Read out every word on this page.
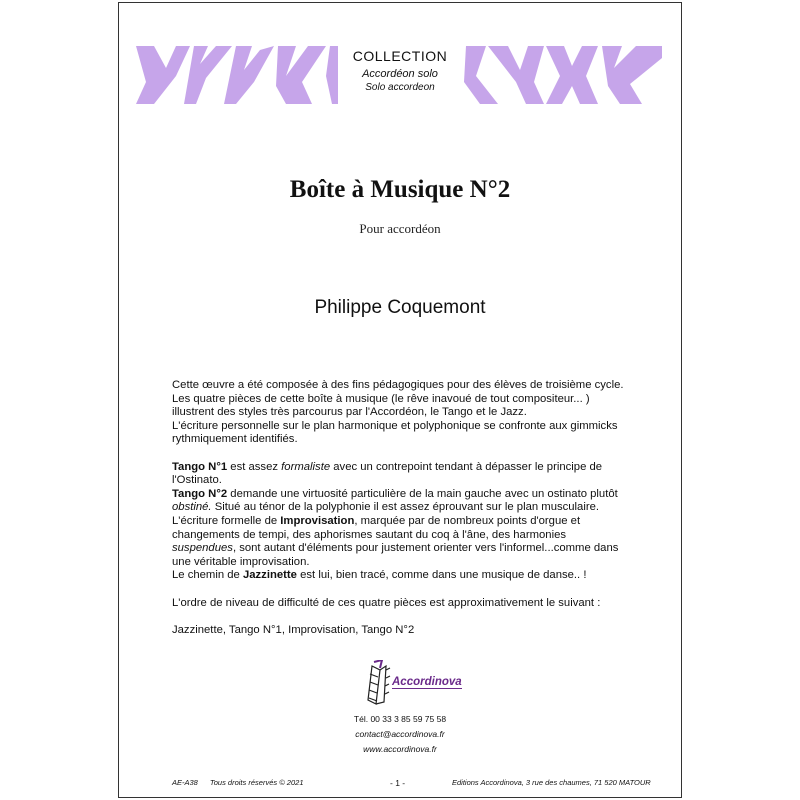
COLLECTION
Accordéon solo
Solo accordeon
Boîte à Musique N°2
Pour accordéon
Philippe Coquemont

Cette œuvre a été composée à des fins pédagogiques pour des élèves de troisième cycle.

Les quatre pièces de cette boîte à musique (le rêve inavoué de tout compositeur... )

illustrent des styles très parcourus par l'Accordéon, le Tango et le Jazz.

L'écriture personnelle sur le plan harmonique et polyphonique se confronte aux gimmicks

rythmiquement identifiés.

Tango N°1 est assez formaliste avec un contrepoint tendant à dépasser le principe de

l'Ostinato.

Tango N°2 demande une virtuosité particulière de la main gauche avec un ostinato plutôt

obstiné. Situé au ténor de la polyphonie il est assez éprouvant sur le plan musculaire.

L'écriture formelle de Improvisation, marquée par de nombreux points d'orgue et

changements de tempi, des aphorismes sautant du coq à l'âne, des harmonies

suspendues, sont autant d'éléments pour justement orienter vers l'informel...comme dans

une véritable improvisation.

Le chemin de Jazzinette est lui, bien tracé, comme dans une musique de danse.. !

L'ordre de niveau de difficulté de ces quatre pièces est approximativement le suivant :

Jazzinette, Tango N°1, Improvisation, Tango N°2

Accordinova
Tél. 00 33 3 85 59 75 58
contact@accordinova.fr
www.accordinova.fr
AE-A38 Tous droits réservés © 2021	- 1 -	Editions Accordinova, 3 rue des chaumes, 71 520 MATOUR
